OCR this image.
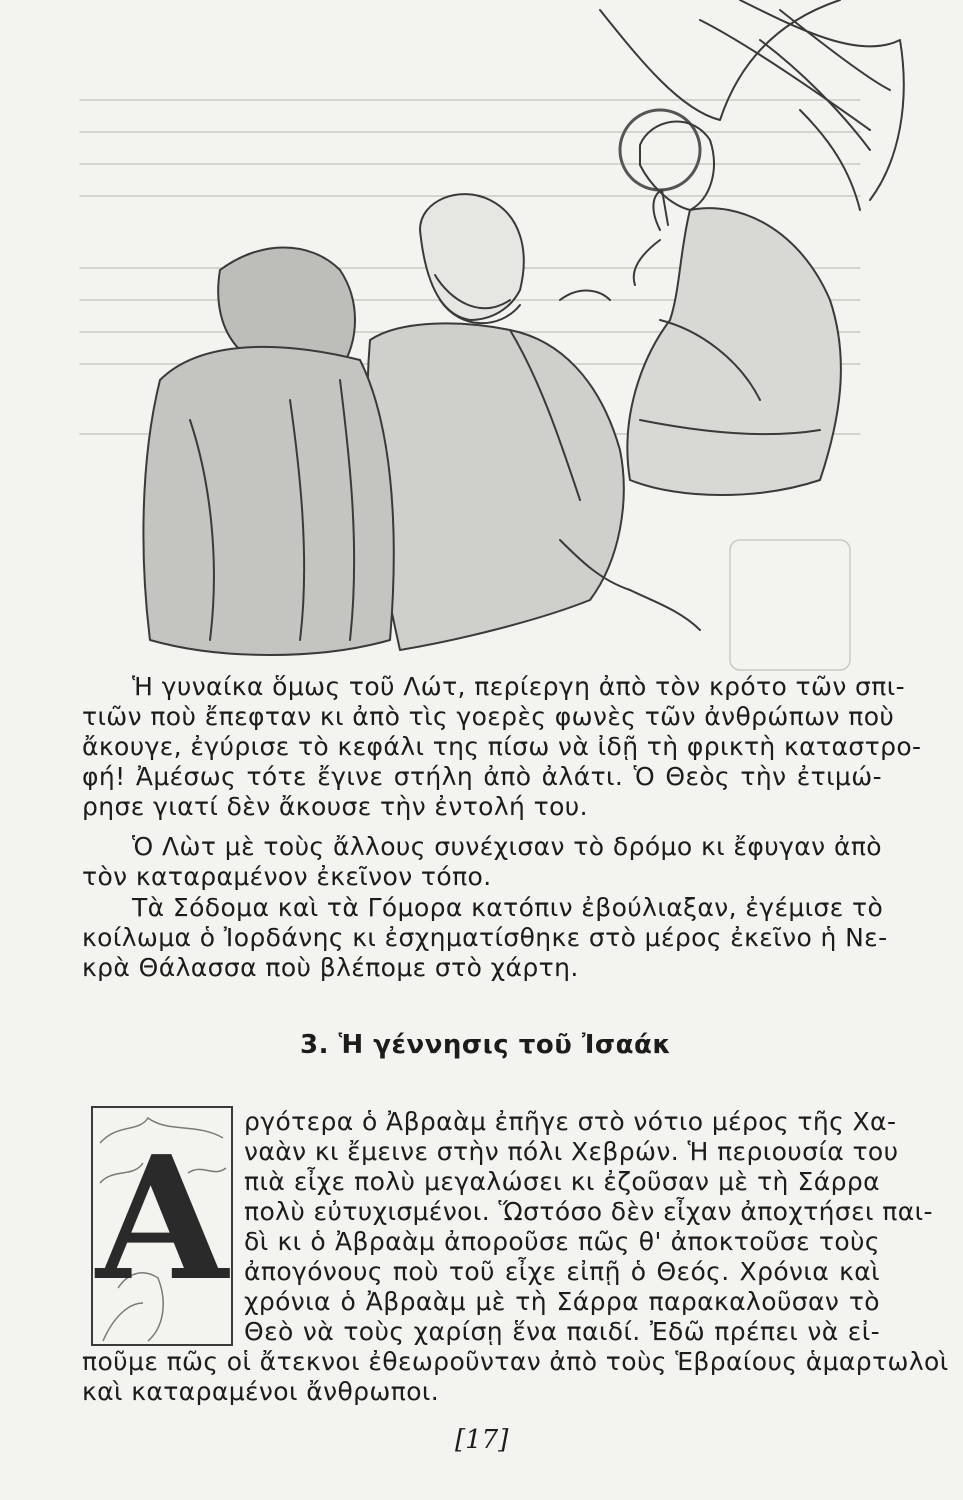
Ἡ γυναίκα ὅμως τοῦ Λώτ, περίεργη ἀπὸ τὸν κρότο τῶν σπι-
τιῶν ποὺ ἔπεφταν κι ἀπὸ τὶς γοερὲς φωνὲς τῶν ἀνθρώπων ποὺ
ἄκουγε, ἐγύρισε τὸ κεφάλι της πίσω νὰ ἰδῇ τὴ φρικτὴ καταστρο-
φή! Ἀμέσως τότε ἔγινε στήλη ἀπὸ ἀλάτι. Ὁ Θεὸς τὴν ἐτιμώ-
ρησε γιατί δὲν ἄκουσε τὴν ἐντολή του.
Ὁ Λὼτ μὲ τοὺς ἄλλους συνέχισαν τὸ δρόμο κι ἔφυγαν ἀπὸ
τὸν καταραμένον ἐκεῖνον τόπο.
Τὰ Σόδομα καὶ τὰ Γόμορα κατόπιν ἐβούλιαξαν, ἐγέμισε τὸ
κοίλωμα ὁ Ἰορδάνης κι ἐσχηματίσθηκε στὸ μέρος ἐκεῖνο ἡ Νε-
κρὰ Θάλασσα ποὺ βλέπομε στὸ χάρτη.
3. Ἡ γέννησις τοῦ Ἰσαάκ
Α ργότερα ὁ Ἀβραὰμ ἐπῆγε στὸ νότιο μέρος τῆς Χα-
ναὰν κι ἔμεινε στὴν πόλι Χεβρών. Ἡ περιουσία του
πιὰ εἶχε πολὺ μεγαλώσει κι ἐζοῦσαν μὲ τὴ Σάρρα
πολὺ εὐτυχισμένοι. Ὥστόσο δὲν εἶχαν ἀποχτήσει παι-
δὶ κι ὁ Ἀβραὰμ ἀποροῦσε πῶς θ' ἀποκτοῦσε τοὺς
ἀπογόνους ποὺ τοῦ εἶχε εἰπῇ ὁ Θεός. Χρόνια καὶ
χρόνια ὁ Ἀβραὰμ μὲ τὴ Σάρρα παρακαλοῦσαν τὸ
Θεὸ νὰ τοὺς χαρίσῃ ἕνα παιδί. Ἐδῶ πρέπει νὰ εἰ-
ποῦμε πῶς οἱ ἄτεκνοι ἐθεωροῦνταν ἀπὸ τοὺς Ἑβραίους ἁμαρτωλοὶ
καὶ καταραμένοι ἄνθρωποι.
[17]
